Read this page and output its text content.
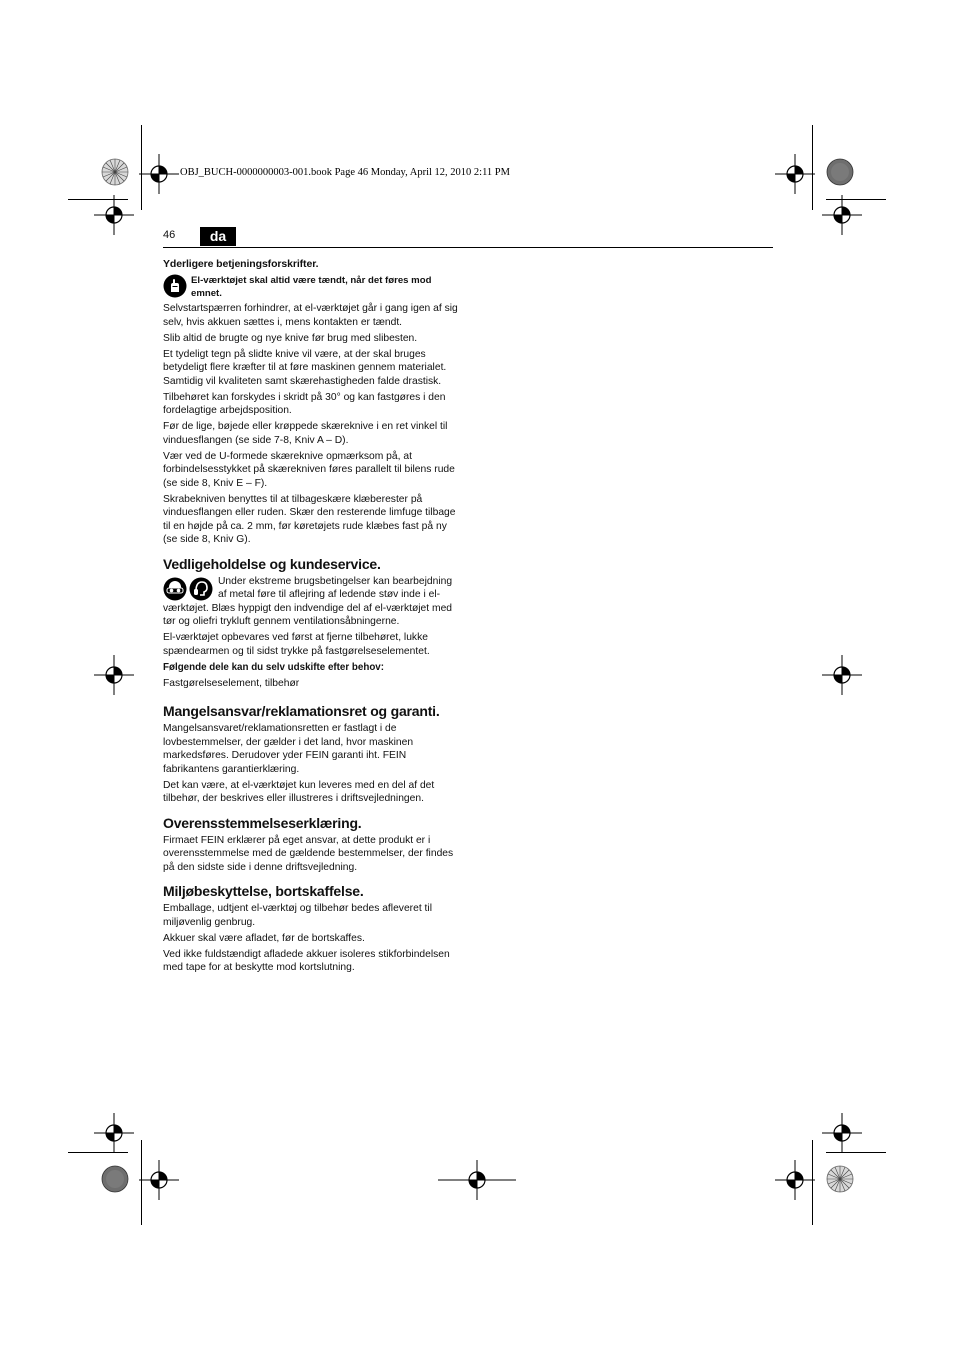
OBJ_BUCH-0000000003-001.book Page 46 Monday, April 12, 2010 2:11 PM
46	da

Yderligere betjeningsforskrifter.

El-værktøjet skal altid være tændt, når det føres mod emnet.

Selvstartspærren forhindrer, at el-værktøjet går i gang igen af sig selv, hvis akkuen sættes i, mens kontakten er tændt.

Slib altid de brugte og nye knive før brug med slibesten.

Et tydeligt tegn på slidte knive vil være, at der skal bruges betydeligt flere kræfter til at føre maskinen gennem materialet. Samtidig vil kvaliteten samt skærehastigheden falde drastisk.

Tilbehøret kan forskydes i skridt på 30° og kan fastgøres i den fordelagtige arbejdsposition.

Før de lige, bøjede eller krøppede skæreknive i en ret vinkel til vinduesflangen (se side 7-8, Kniv A – D).

Vær ved de U-formede skæreknive opmærksom på, at forbindelsesstykket på skærekniven føres parallelt til bilens rude (se side 8, Kniv E – F).

Skrabekniven benyttes til at tilbageskære klæberester på vinduesflangen eller ruden. Skær den resterende limfuge tilbage til en højde på ca. 2 mm, før køretøjets rude klæbes fast på ny (se side 8, Kniv G).

Vedligeholdelse og kundeservice.

Under ekstreme brugsbetingelser kan bearbejdning af metal føre til aflejring af ledende støv inde i el-værktøjet. Blæs hyppigt den indvendige del af el-værktøjet med tør og oliefri trykluft gennem ventilationsåbningerne.

El-værktøjet opbevares ved først at fjerne tilbehøret, lukke spændearmen og til sidst trykke på fastgørelseselementet.

Følgende dele kan du selv udskifte efter behov:

Fastgørelseselement, tilbehør

Mangelsansvar/reklamationsret og garanti.

Mangelsansvaret/reklamationsretten er fastlagt i de lovbestemmelser, der gælder i det land, hvor maskinen markedsføres. Derudover yder FEIN garanti iht. FEIN fabrikantens garantierklæring.

Det kan være, at el-værktøjet kun leveres med en del af det tilbehør, der beskrives eller illustreres i driftsvejledningen.

Overensstemmelseserklæring.

Firmaet FEIN erklærer på eget ansvar, at dette produkt er i overensstemmelse med de gældende bestemmelser, der findes på den sidste side i denne driftsvejledning.

Miljøbeskyttelse, bortskaffelse.

Emballage, udtjent el-værktøj og tilbehør bedes afleveret til miljøvenlig genbrug.

Akkuer skal være afladet, før de bortskaffes.

Ved ikke fuldstændigt afladede akkuer isoleres stikforbindelsen med tape for at beskytte mod kortslutning.
